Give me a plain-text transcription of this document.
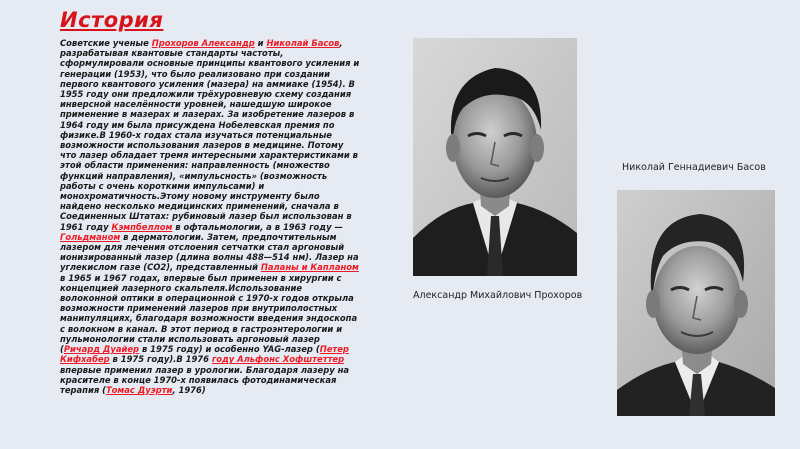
История
Советские ученые Прохоров Александр и Николай Басов, разрабатывая квантовые стандарты частоты, сформулировали основные принципы квантового усиления и генерации (1953), что было реализовано при создании первого квантового усиления (мазера) на аммиаке (1954). В 1955 году они предложили трёхуровневую схему создания инверсной населённости уровней, нашедшую широкое применение в мазерах и лазерах. За изобретение лазеров в 1964 году им была присуждена Нобелевская премия по физике.В 1960-х годах стала изучаться потенциальные возможности использования лазеров в медицине. Потому что лазер обладает тремя интересными характеристиками в этой области применения: направленность (множество функций направления), «импульсность» (возможность работы с очень короткими импульсами) и монохроматичность.Этому новому инструменту было найдено несколько медицинских применений, сначала в Соединенных Штатах: рубиновый лазер был использован в 1961 году Кэмпбеллом в офтальмологии, а в 1963 году — Гольдманом в дерматологии. Затем, предпочтительным лазером для лечения отслоения сетчатки стал аргоновый ионизированный лазер (длина волны 488—514 нм). Лазер на углекислом газе (CO2), представленный Паланы и Капланом в 1965 и 1967 годах, впервые был применен в хирургии с концепцией лазерного скальпеля.Использование волоконной оптики в операционной с 1970-х годов открыла возможности применений лазеров при внутриполостных манипуляциях, благодаря возможности введения эндоскопа с волокном в канал. В этот период в гастроэнтерологии и пульмонологии стали использовать аргоновый лазер (Ричард Дуайер в 1975 году) и особенно YAG-лазер (Петер Кифхабер в 1975 году).В 1976 году Альфонс Хофштеттер впервые применил лазер в урологии. Благодаря лазеру на красителе в конце 1970-х появилась фотодинамическая терапия (Томас Дуэрти, 1976)
Александр Михайлович Прохоров
Николай Геннадиевич Басов
